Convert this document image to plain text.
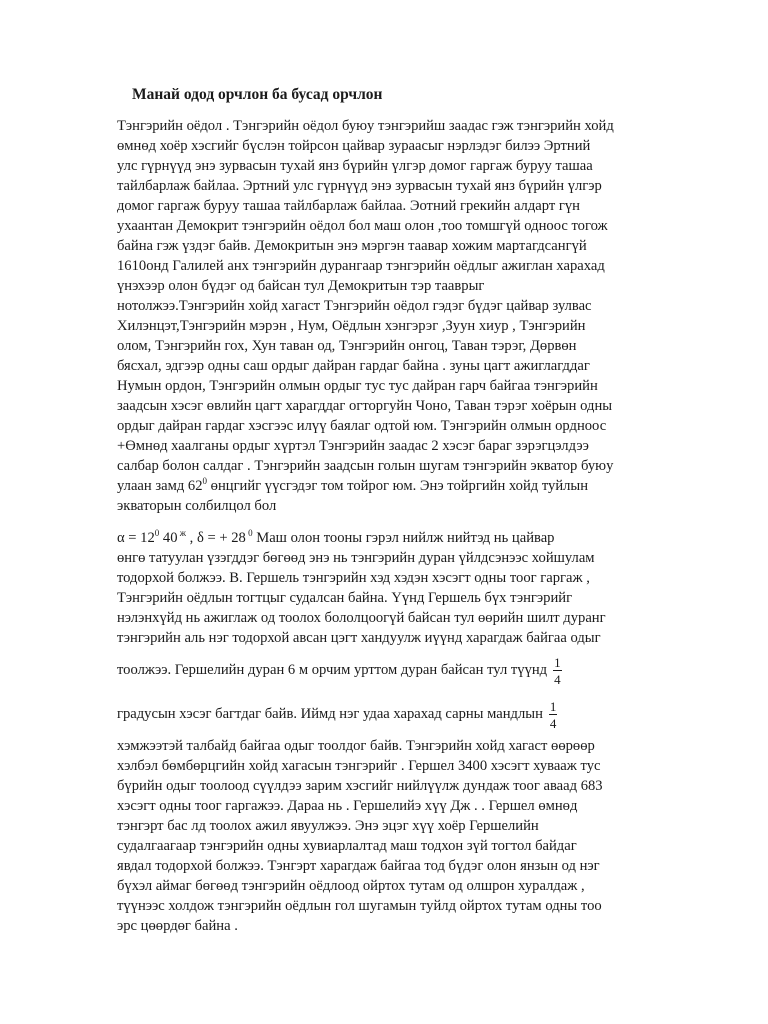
Манай одод орчлон ба бусад орчлон
Тэнгэрийн оёдол . Тэнгэрийн оёдол буюу тэнгэрийш заадас гэж тэнгэрийн хойд
өмнөд хоёр хэсгийг бүслэн тойрсон цайвар зурaaсыг нэрлэдэг билээ Эртний
улс гүрнүүд энэ зурвасын тухай янз бүрийн үлгэр домог гаргаж буруу ташаа
тайлбарлаж байлаа. Эртний улс гүрнүүд энэ зурвасын тухай янз бүрийн үлгэр
домог гаргаж буруу ташаа тайлбарлаж байлаа. Эотний грекийн алдарт гүн
ухаантан Демокрит тэнгэрийн оёдол бол маш олон ,тоо томшгүй одноос тогож
байна гэж үздэг байв. Демокритын энэ мэргэн таавар хожим мартагдсангүй
1610онд Галилей анх тэнгэрийн дурангаар тэнгэрийн оёдлыг ажиглан харахад
үнэхээр олон бүдэг од байсан тул Демокритын тэр таавpыг
нотолжээ.Тэнгэрийн хойд хагаст Тэнгэрийн оёдол гэдэг бүдэг цайвар зулвас
Хилэнцэт,Тэнгэрийн мэрэн , Нум, Оёдлын хэнгэрэг ,Зуун хиур , Тэнгэрийн
олом, Тэнгэрийн гох, Хун таван од, Тэнгэрийн онгоц, Таван тэрэг, Дөрвөн
бясхал, эдгээр одны саш ордыг дайран гардаг байна . зуны цагт ажиглагддаг
Нумын ордон, Тэнгэрийн олмын ордыг тус тус дайран гарч байгаа тэнгэрийн
заадсын хэсэг өвлийн цагт харагддаг огторгуйн Чоно, Таван тэрэг хоёрын одны
ордыг дайран гардаг хэсгээс илүү баялаг одтой юм. Тэнгэрийн олмын ордноос
+Өмнөд хаалганы ордыг хүртэл Тэнгэрийн заадас 2 хэсэг бараг зэрэгцэлдээ
салбар болон салдаг . Тэнгэрийн заадсын голын шугам тэнгэрийн экватор буюу
улаан замд $62^0$ өнцгийг үүсгэдэг том тойрог юм. Энэ тойргийн хойд туйлын
экваторын солбилцол бол
$\alpha = 12^0$ 40 $^ж$ , δ = + 28 $^0$ Маш олон тооны гэрэл нийлж нийтэд нь цайвар
өнгө татуулан үзэгддэг бөгөөд энэ нь тэнгэрийн дуран үйлдсэнээс хойшулам
тодорхой болжээ. В. Гершель тэнгэрийн хэд хэдэн хэсэгт одны тоог гаргаж ,
Тэнгэрийн оёдлын тогтцыг судалсан байна. Үүнд Гершель бүх тэнгэрийг
нэлэнхүйд нь ажиглаж од тоолох бололцоогүй байсан тул өөрийн шилт дуранг
тэнгэрийн аль нэг тодорхой авсан цэгт хандуулж иүүнд харагдаж байгаа одыг
тоолжээ. Гершелийн дуран 6 м орчим урттом дуран байсан тул түүнд $\frac{1}{4}$
градусын хэсэг багтдаг байв. Иймд нэг удаа харахад сарны мандлын $\frac{1}{4}$
хэмжээтэй талбайд байгаа одыг тоолдог байв. Тэнгэрийн хойд хагаст өөрөөр
хэлбэл бөмбөрцгийн хойд хагасын тэнгэрийг . Гершел 3400 хэсэгт хувааж тус
бүрийн одыг тоолоод сүүлдээ зарим хэсгийг нийлүүлж дундаж тоог аваад 683
хэсэгт одны тоог гаргажээ. Дараа нь . Гершелийэ хүү Дж . . Гершел өмнөд
тэнгэрт бас лд тоолох ажил явуулжээ. Энэ эцэг хүү хоёр Гершелийн
судалгаагаар тэнгэрийн одны хувиарлалтад маш тодхон зүй тогтол байдаг
явдал тодорхой болжээ. Тэнгэрт харагдаж байгаа тод бүдэг олон янзын од нэг
бүхэл аймаг бөгөөд тэнгэрийн оёдлоод ойртох тутам од олшрон хуралдаж ,
түүнээс холдож тэнгэрийн оёдлын гол шугамын туйлд ойртох тутам одны тоо
эрс цөөрдөг байна .
